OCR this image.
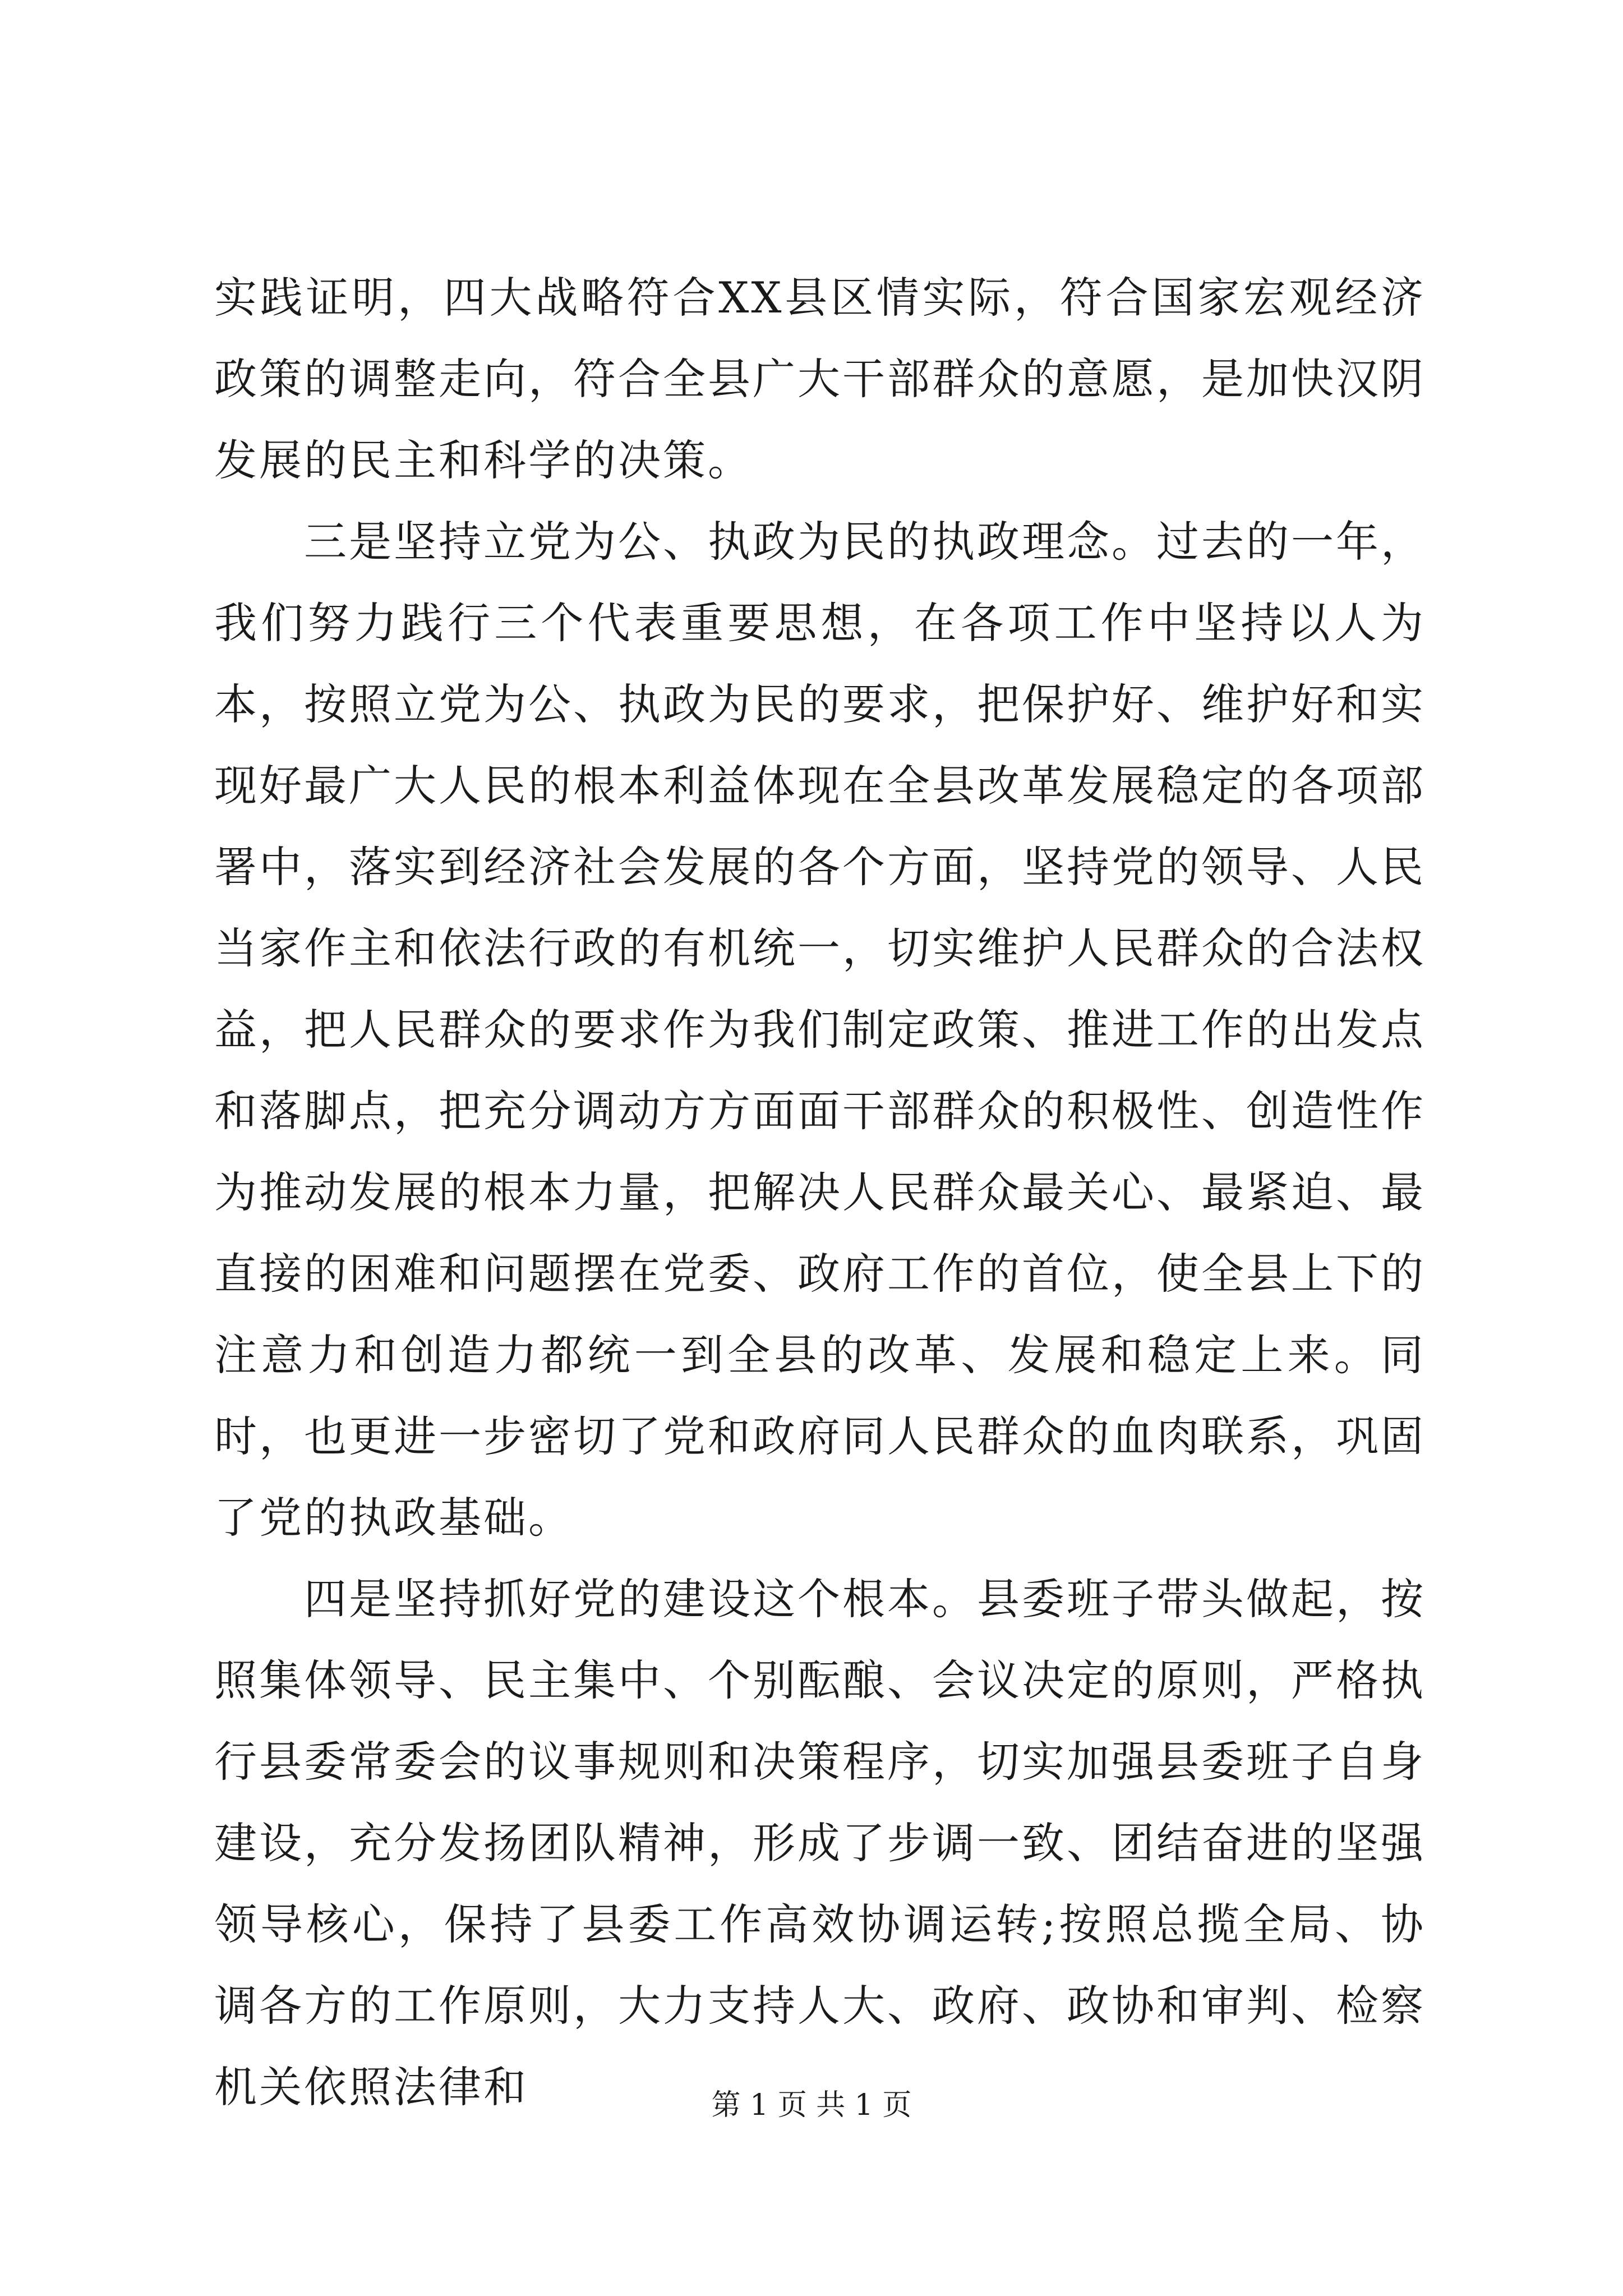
实践证明，四大战略符合XX县区情实际，符合国家宏观经济政策的调整走向，符合全县广大干部群众的意愿，是加快汉阴发展的民主和科学的决策。

三是坚持立党为公、执政为民的执政理念。过去的一年，我们努力践行三个代表重要思想，在各项工作中坚持以人为本，按照立党为公、执政为民的要求，把保护好、维护好和实现好最广大人民的根本利益体现在全县改革发展稳定的各项部署中，落实到经济社会发展的各个方面，坚持党的领导、人民当家作主和依法行政的有机统一，切实维护人民群众的合法权益，把人民群众的要求作为我们制定政策、推进工作的出发点和落脚点，把充分调动方方面面干部群众的积极性、创造性作为推动发展的根本力量，把解决人民群众最关心、最紧迫、最直接的困难和问题摆在党委、政府工作的首位，使全县上下的注意力和创造力都统一到全县的改革、发展和稳定上来。同时，也更进一步密切了党和政府同人民群众的血肉联系，巩固了党的执政基础。

四是坚持抓好党的建设这个根本。县委班子带头做起，按照集体领导、民主集中、个别酝酿、会议决定的原则，严格执行县委常委会的议事规则和决策程序，切实加强县委班子自身建设，充分发扬团队精神，形成了步调一致、团结奋进的坚强领导核心，保持了县委工作高效协调运转;按照总揽全局、协调各方的工作原则，大力支持人大、政府、政协和审判、检察机关依照法律和	第 1 页 共 1 页
